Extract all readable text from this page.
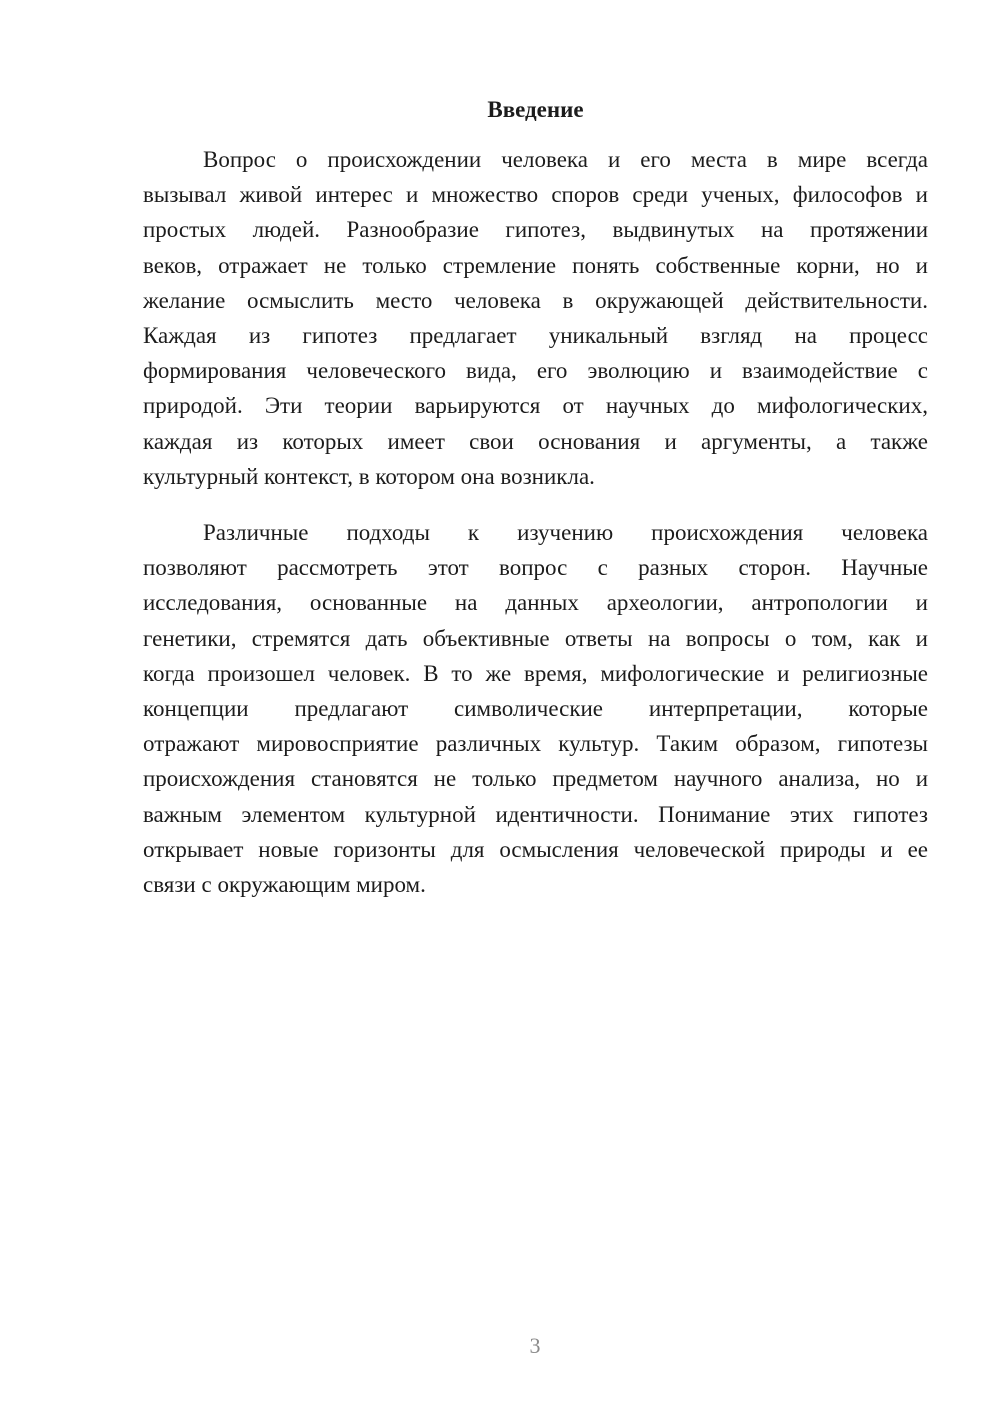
Введение
Вопрос о происхождении человека и его места в мире всегда
вызывал живой интерес и множество споров среди ученых, философов и
простых людей. Разнообразие гипотез, выдвинутых на протяжении
веков, отражает не только стремление понять собственные корни, но и
желание осмыслить место человека в окружающей действительности.
Каждая из гипотез предлагает уникальный взгляд на процесс
формирования человеческого вида, его эволюцию и взаимодействие с
природой. Эти теории варьируются от научных до мифологических,
каждая из которых имеет свои основания и аргументы, а также
культурный контекст, в котором она возникла.
Различные подходы к изучению происхождения человека
позволяют рассмотреть этот вопрос с разных сторон. Научные
исследования, основанные на данных археологии, антропологии и
генетики, стремятся дать объективные ответы на вопросы о том, как и
когда произошел человек. В то же время, мифологические и религиозные
концепции предлагают символические интерпретации, которые
отражают мировосприятие различных культур. Таким образом, гипотезы
происхождения становятся не только предметом научного анализа, но и
важным элементом культурной идентичности. Понимание этих гипотез
открывает новые горизонты для осмысления человеческой природы и ее
связи с окружающим миром.
3
